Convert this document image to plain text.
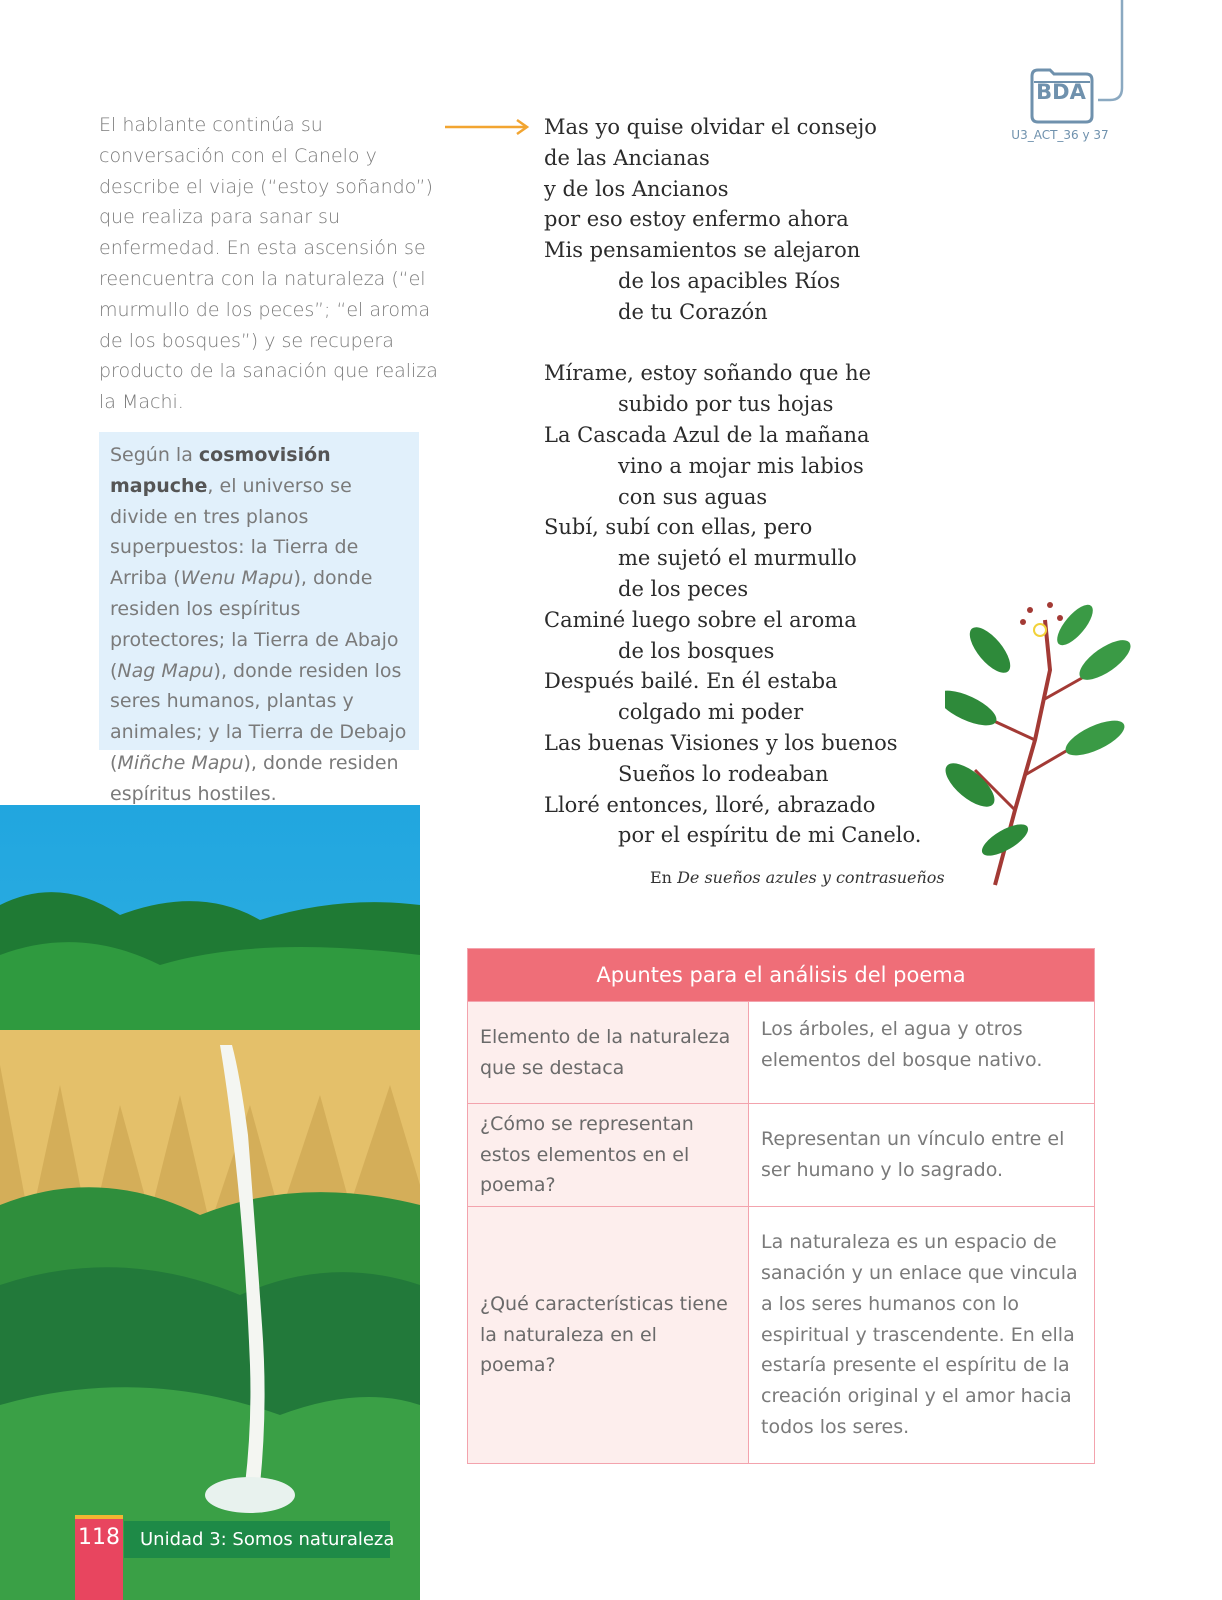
BDA
U3_ACT_36 y 37
El hablante continúa su conversación con el Canelo y describe el viaje (“estoy soñando”) que realiza para sanar su enfermedad. En esta ascensión se reencuentra con la naturaleza (“el murmullo de los peces”; “el aroma de los bosques”) y se recupera producto de la sanación que realiza la Machi.
Según la cosmovisión mapuche, el universo se divide en tres planos superpuestos: la Tierra de Arriba (Wenu Mapu), donde residen los espíritus protectores; la Tierra de Abajo (Nag Mapu), donde residen los seres humanos, plantas y animales; y la Tierra de Debajo (Miñche Mapu), donde residen espíritus hostiles.
Mas yo quise olvidar el consejo
de las Ancianas
y de los Ancianos
por eso estoy enfermo ahora
Mis pensamientos se alejaron
de los apacibles Ríos
de tu Corazón
Mírame, estoy soñando que he
subido por tus hojas
La Cascada Azul de la mañana
vino a mojar mis labios
con sus aguas
Subí, subí con ellas, pero
me sujetó el murmullo
de los peces
Caminé luego sobre el aroma
de los bosques
Después bailé. En él estaba
colgado mi poder
Las buenas Visiones y los buenos
Sueños lo rodeaban
Lloré entonces, lloré, abrazado
por el espíritu de mi Canelo.
En De sueños azules y contrasueños
118	Unidad 3: Somos naturaleza
Apuntes para el análisis del poema
Elemento de la naturaleza que se destaca
Los árboles, el agua y otros elementos del bosque nativo.
¿Cómo se representan estos elementos en el poema?
Representan un vínculo entre el ser humano y lo sagrado.
¿Qué características tiene la naturaleza en el poema?
La naturaleza es un espacio de sanación y un enlace que vincula a los seres humanos con lo espiritual y trascendente. En ella estaría presente el espíritu de la creación original y el amor hacia todos los seres.
